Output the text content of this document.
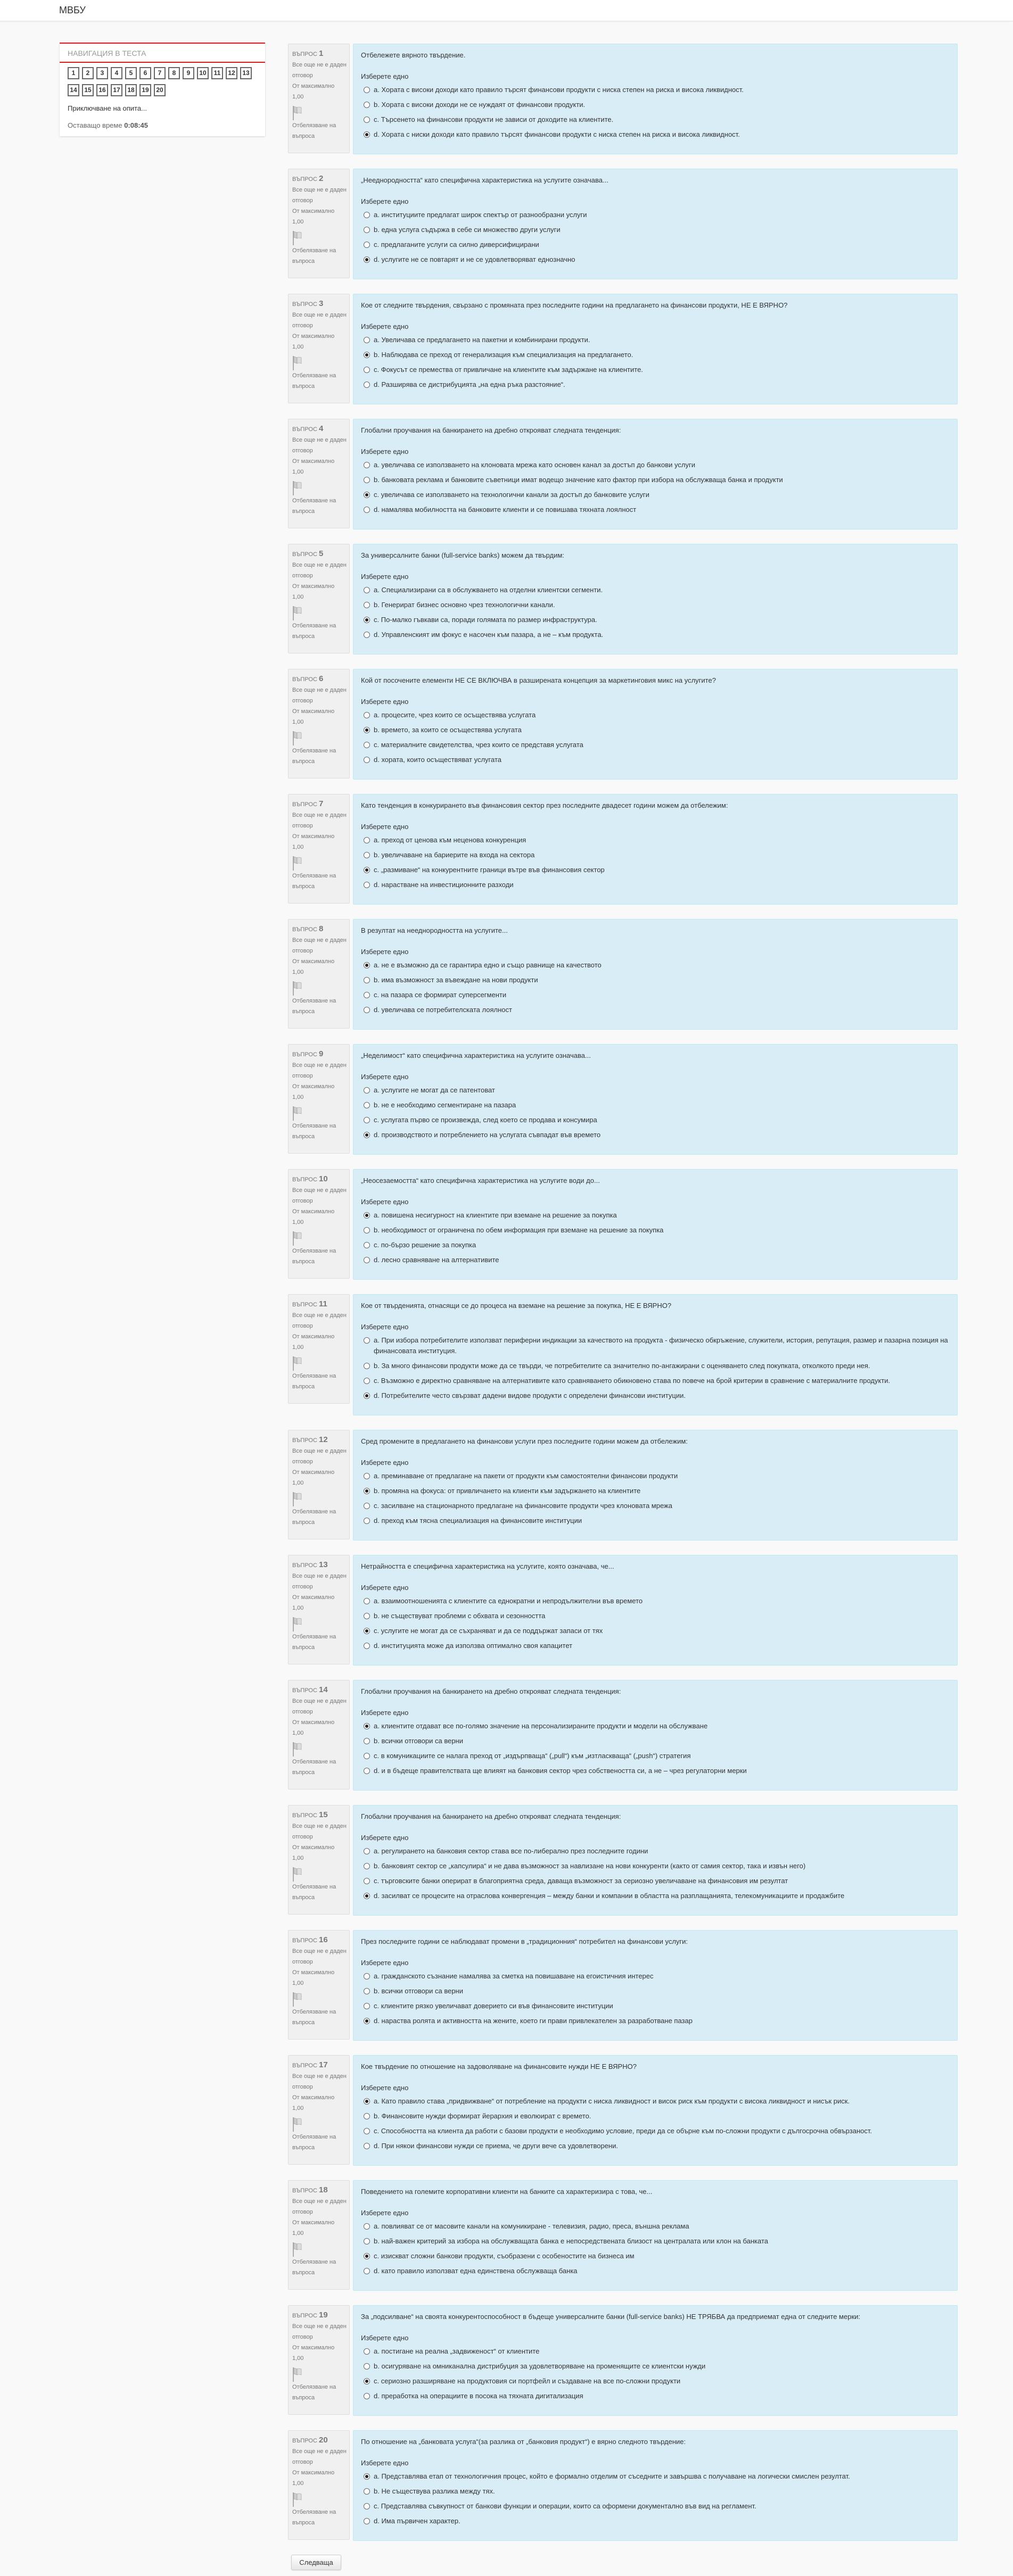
МВБУ
НАВИГАЦИЯ В ТЕСТА
1	2	3	4	5	6	7	8	9	10	11	12	13
14	15	16	17	18	19	20
Приключване на опита...
Оставащо време 0:08:45
ВЪПРОС 1
Все още не е даден отговор
От максимално
1,00
Отбелязване на въпроса
Отбележете вярното твърдение.
Изберете едно
a. Хората с високи доходи като правило търсят финансови продукти с ниска степен на риска и висока ликвидност.
b. Хората с високи доходи не се нуждаят от финансови продукти.
c. Търсенето на финансови продукти не зависи от доходите на клиентите.
d. Хората с ниски доходи като правило търсят финансови продукти с ниска степен на риска и висока ликвидност.
ВЪПРОС 2
Все още не е даден отговор
От максимално
1,00
Отбелязване на въпроса
„Нееднородността“ като специфична характеристика на услугите означава...
Изберете едно
a. институциите предлагат широк спектър от разнообразни услуги
b. една услуга съдържа в себе си множество други услуги
c. предлаганите услуги са силно диверсифицирани
d. услугите не се повтарят и не се удовлетворяват еднозначно
ВЪПРОС 3
Все още не е даден отговор
От максимално
1,00
Отбелязване на въпроса
Кое от следните твърдения, свързано с промяната през последните години на предлагането на финансови продукти, НЕ Е ВЯРНО?
Изберете едно
a. Увеличава се предлагането на пакетни и комбинирани продукти.
b. Наблюдава се преход от генерализация към специализация на предлагането.
c. Фокусът се премества от привличане на клиентите към задържане на клиентите.
d. Разширява се дистрибуцията „на една ръка разстояние“.
ВЪПРОС 4
Все още не е даден отговор
От максимално
1,00
Отбелязване на въпроса
Глобални проучвания на банкирането на дребно открояват следната тенденция:
Изберете едно
a. увеличава се използването на клоновата мрежа като основен канал за достъп до банкови услуги
b. банковата реклама и банковите съветници имат водещо значение като фактор при избора на обслужваща банка и продукти
c. увеличава се използването на технологични канали за достъп до банковите услуги
d. намалява мобилността на банковите клиенти и се повишава тяхната лоялност
ВЪПРОС 5
Все още не е даден отговор
От максимално
1,00
Отбелязване на въпроса
За универсалните банки (full-service banks) можем да твърдим:
Изберете едно
a. Специализирани са в обслужването на отделни клиентски сегменти.
b. Генерират бизнес основно чрез технологични канали.
c. По-малко гъвкави са, поради голямата по размер инфраструктура.
d. Управленският им фокус е насочен към пазара, а не – към продукта.
ВЪПРОС 6
Все още не е даден отговор
От максимално
1,00
Отбелязване на въпроса
Кой от посочените елементи НЕ СЕ ВКЛЮЧВА в разширената концепция за маркетинговия микс на услугите?
Изберете едно
a. процесите, чрез които се осъществява услугата
b. времето, за които се осъществява услугата
c. материалните свидетелства, чрез които се представя услугата
d. хората, които осъществяват услугата
ВЪПРОС 7
Все още не е даден отговор
От максимално
1,00
Отбелязване на въпроса
Като тенденция в конкурирането във финансовия сектор през последните двадесет години можем да отбележим:
Изберете едно
a. преход от ценова към неценова конкуренция
b. увеличаване на бариерите на входа на сектора
c. „размиване“ на конкурентните граници вътре във финансовия сектор
d. нарастване на инвестиционните разходи
ВЪПРОС 8
Все още не е даден отговор
От максимално
1,00
Отбелязване на въпроса
В резултат на нееднородността на услугите...
Изберете едно
a. не е възможно да се гарантира едно и също равнище на качеството
b. има възможност за въвеждане на нови продукти
c. на пазара се формират суперсегменти
d. увеличава се потребителската лоялност
ВЪПРОС 9
Все още не е даден отговор
От максимално
1,00
Отбелязване на въпроса
„Неделимост“ като специфична характеристика на услугите означава...
Изберете едно
a. услугите не могат да се патентоват
b. не е необходимо сегментиране на пазара
c. услугата първо се произвежда, след което се продава и консумира
d. производството и потреблението на услугата съвпадат във времето
ВЪПРОС 10
Все още не е даден отговор
От максимално
1,00
Отбелязване на въпроса
„Неосезаемостта“ като специфична характеристика на услугите води до...
Изберете едно
a. повишена несигурност на клиентите при вземане на решение за покупка
b. необходимост от ограничена по обем информация при вземане на решение за покупка
c. по-бързо решение за покупка
d. лесно сравняване на алтернативите
ВЪПРОС 11
Все още не е даден отговор
От максимално
1,00
Отбелязване на въпроса
Кое от твърденията, отнасящи се до процеса на вземане на решение за покупка, НЕ Е ВЯРНО?
Изберете едно
a. При избора потребителите използват периферни индикации за качеството на продукта - физическо обкръжение, служители, история, репутация, размер и пазарна позиция на финансовата институция.
b. За много финансови продукти може да се твърди, че потребителите са значително по-ангажирани с оценяването след покупката, отколкото преди нея.
c. Възможно е директно сравняване на алтернативите като сравняването обикновено става по повече на брой критерии в сравнение с материалните продукти.
d. Потребителите често свързват дадени видове продукти с определени финансови институции.
ВЪПРОС 12
Все още не е даден отговор
От максимално
1,00
Отбелязване на въпроса
Сред промените в предлагането на финансови услуги през последните години можем да отбележим:
Изберете едно
a. преминаване от предлагане на пакети от продукти към самостоятелни финансови продукти
b. промяна на фокуса: от привличането на клиенти към задържането на клиентите
c. засилване на стационарното предлагане на финансовите продукти чрез клоновата мрежа
d. преход към тясна специализация на финансовите институции
ВЪПРОС 13
Все още не е даден отговор
От максимално
1,00
Отбелязване на въпроса
Нетрайността е специфична характеристика на услугите, която означава, че...
Изберете едно
a. взаимоотношенията с клиентите са еднократни и непродължителни във времето
b. не съществуват проблеми с обхвата и сезонността
c. услугите не могат да се съхраняват и да се поддържат запаси от тях
d. институцията може да използва оптимално своя капацитет
ВЪПРОС 14
Все още не е даден отговор
От максимално
1,00
Отбелязване на въпроса
Глобални проучвания на банкирането на дребно открояват следната тенденция:
Изберете едно
a. клиентите отдават все по-голямо значение на персонализираните продукти и модели на обслужване
b. всички отговори са верни
c. в комуникациите се налага преход от „издърпваща“ („pull“) към „изтласкваща“ („push“) стратегия
d. и в бъдеще правителствата ще влияят на банковия сектор чрез собствеността си, а не – чрез регулаторни мерки
ВЪПРОС 15
Все още не е даден отговор
От максимално
1,00
Отбелязване на въпроса
Глобални проучвания на банкирането на дребно открояват следната тенденция:
Изберете едно
a. регулирането на банковия сектор става все по-либерално през последните години
b. банковият сектор се „капсулира“ и не дава възможност за навлизане на нови конкуренти (както от самия сектор, така и извън него)
c. търговските банки оперират в благоприятна среда, даваща възможност за сериозно увеличаване на финансовия им резултат
d. засилват се процесите на отраслова конвергенция – между банки и компании в областта на разплащанията, телекомуникациите и продажбите
ВЪПРОС 16
Все още не е даден отговор
От максимално
1,00
Отбелязване на въпроса
През последните години се наблюдават промени в „традиционния“ потребител на финансови услуги:
Изберете едно
a. гражданското съзнание намалява за сметка на повишаване на егоистичния интерес
b. всички отговори са верни
c. клиентите рязко увеличават доверието си във финансовите институции
d. нараства ролята и активността на жените, което ги прави привлекателен за разработване пазар
ВЪПРОС 17
Все още не е даден отговор
От максимално
1,00
Отбелязване на въпроса
Кое твърдение по отношение на задоволяване на финансовите нужди НЕ Е ВЯРНО?
Изберете едно
a. Като правило става „придвижване“ от потребление на продукти с ниска ликвидност и висок риск към продукти с висока ликвидност и нисък риск.
b. Финансовите нужди формират йерархия и еволюират с времето.
c. Способността на клиента да работи с базови продукти е необходимо условие, преди да се обърне към по-сложни продукти с дългосрочна обвързаност.
d. При някои финансови нужди се приема, че други вече са удовлетворени.
ВЪПРОС 18
Все още не е даден отговор
От максимално
1,00
Отбелязване на въпроса
Поведението на големите корпоративни клиенти на банките са характеризира с това, че...
Изберете едно
a. повлияват се от масовите канали на комуникиране - телевизия, радио, преса, външна реклама
b. най-важен критерий за избора на обслужващата банка е непосредствената близост на централата или клон на банката
c. изискват сложни банкови продукти, съобразени с особеностите на бизнеса им
d. като правило използват една единствена обслужваща банка
ВЪПРОС 19
Все още не е даден отговор
От максимално
1,00
Отбелязване на въпроса
За „подсилване“ на своята конкурентоспособност в бъдеще универсалните банки (full-service banks) НЕ ТРЯБВА да предприемат една от следните мерки:
Изберете едно
a. постигане на реална „задвиженост“ от клиентите
b. осигуряване на омниканална дистрибуция за удовлетворяване на променящите се клиентски нужди
c. сериозно разширяване на продуктовия си портфейл и създаване на все по-сложни продукти
d. преработка на операциите в посока на тяхната дигитализация
ВЪПРОС 20
Все още не е даден отговор
От максимално
1,00
Отбелязване на въпроса
По отношение на „банковата услуга“(за разлика от „банковия продукт“) е вярно следното твърдение:
Изберете едно
a. Представлява етап от технологичния процес, който е формално отделим от съседните и завършва с получаване на логически смислен резултат.
b. Не съществува разлика между тях.
c. Представлява съвкупност от банкови функции и операции, които са оформени документално във вид на регламент.
d. Има първичен характер.
Следваща
